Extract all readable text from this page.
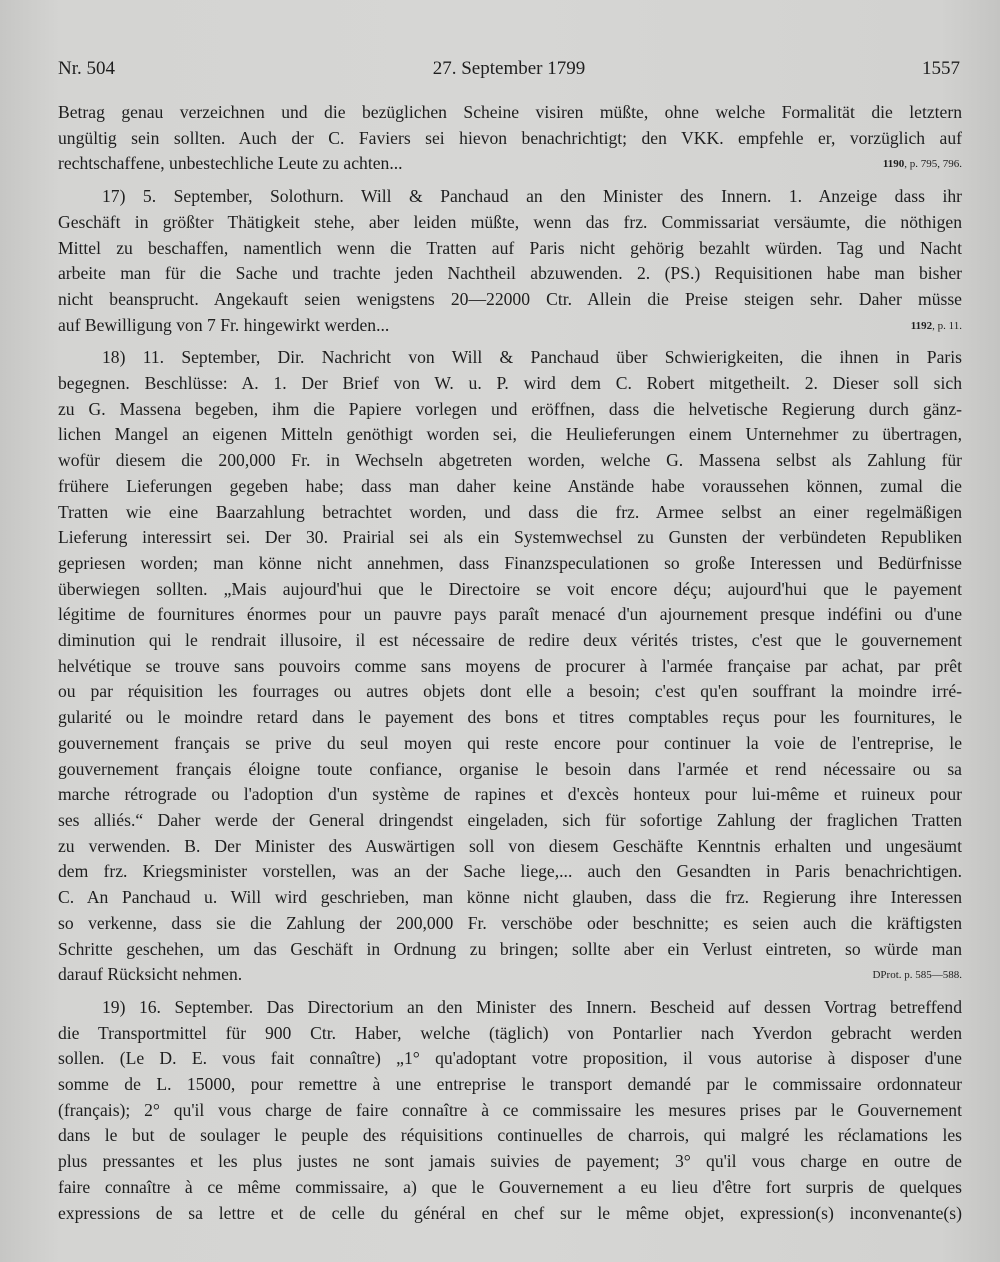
Nr. 504	27. September 1799	1557

Betrag genau verzeichnen und die bezüglichen Scheine visiren müßte, ohne welche Formalität die letztern

ungültig sein sollten. Auch der C. Faviers sei hievon benachrichtigt; den VKK. empfehle er, vorzüglich auf

1190, p. 795, 796.
rechtschaffene, unbestechliche Leute zu achten...

17) 5. September, Solothurn. Will & Panchaud an den Minister des Innern. 1. Anzeige dass ihr

Geschäft in größter Thätigkeit stehe, aber leiden müßte, wenn das frz. Commissariat versäumte, die nöthigen

Mittel zu beschaffen, namentlich wenn die Tratten auf Paris nicht gehörig bezahlt würden. Tag und Nacht

arbeite man für die Sache und trachte jeden Nachtheil abzuwenden. 2. (PS.) Requisitionen habe man bisher

nicht beansprucht. Angekauft seien wenigstens 20—22000 Ctr. Allein die Preise steigen sehr. Daher müsse

1192, p. 11.
auf Bewilligung von 7 Fr. hingewirkt werden...

18) 11. September, Dir. Nachricht von Will & Panchaud über Schwierigkeiten, die ihnen in Paris

begegnen. Beschlüsse: A. 1. Der Brief von W. u. P. wird dem C. Robert mitgetheilt. 2. Dieser soll sich

zu G. Massena begeben, ihm die Papiere vorlegen und eröffnen, dass die helvetische Regierung durch gänz-

lichen Mangel an eigenen Mitteln genöthigt worden sei, die Heulieferungen einem Unternehmer zu übertragen,

wofür diesem die 200,000 Fr. in Wechseln abgetreten worden, welche G. Massena selbst als Zahlung für

frühere Lieferungen gegeben habe; dass man daher keine Anstände habe voraussehen können, zumal die

Tratten wie eine Baarzahlung betrachtet worden, und dass die frz. Armee selbst an einer regelmäßigen

Lieferung interessirt sei. Der 30. Prairial sei als ein Systemwechsel zu Gunsten der verbündeten Republiken

gepriesen worden; man könne nicht annehmen, dass Finanzspeculationen so große Interessen und Bedürfnisse

überwiegen sollten. „Mais aujourd'hui que le Directoire se voit encore déçu; aujourd'hui que le payement

légitime de fournitures énormes pour un pauvre pays paraît menacé d'un ajournement presque indéfini ou d'une

diminution qui le rendrait illusoire, il est nécessaire de redire deux vérités tristes, c'est que le gouvernement

helvétique se trouve sans pouvoirs comme sans moyens de procurer à l'armée française par achat, par prêt

ou par réquisition les fourrages ou autres objets dont elle a besoin; c'est qu'en souffrant la moindre irré-

gularité ou le moindre retard dans le payement des bons et titres comptables reçus pour les fournitures, le

gouvernement français se prive du seul moyen qui reste encore pour continuer la voie de l'entreprise, le

gouvernement français éloigne toute confiance, organise le besoin dans l'armée et rend nécessaire ou sa

marche rétrograde ou l'adoption d'un système de rapines et d'excès honteux pour lui-même et ruineux pour

ses alliés.“ Daher werde der General dringendst eingeladen, sich für sofortige Zahlung der fraglichen Tratten

zu verwenden. B. Der Minister des Auswärtigen soll von diesem Geschäfte Kenntnis erhalten und ungesäumt

dem frz. Kriegsminister vorstellen, was an der Sache liege,... auch den Gesandten in Paris benachrichtigen.

C. An Panchaud u. Will wird geschrieben, man könne nicht glauben, dass die frz. Regierung ihre Interessen

so verkenne, dass sie die Zahlung der 200,000 Fr. verschöbe oder beschnitte; es seien auch die kräftigsten

Schritte geschehen, um das Geschäft in Ordnung zu bringen; sollte aber ein Verlust eintreten, so würde man

DProt. p. 585—588.
darauf Rücksicht nehmen.

19) 16. September. Das Directorium an den Minister des Innern. Bescheid auf dessen Vortrag betreffend

die Transportmittel für 900 Ctr. Haber, welche (täglich) von Pontarlier nach Yverdon gebracht werden

sollen. (Le D. E. vous fait connaître) „1° qu'adoptant votre proposition, il vous autorise à disposer d'une

somme de L. 15000, pour remettre à une entreprise le transport demandé par le commissaire ordonnateur

(français); 2° qu'il vous charge de faire connaître à ce commissaire les mesures prises par le Gouvernement

dans le but de soulager le peuple des réquisitions continuelles de charrois, qui malgré les réclamations les

plus pressantes et les plus justes ne sont jamais suivies de payement; 3° qu'il vous charge en outre de

faire connaître à ce même commissaire, a) que le Gouvernement a eu lieu d'être fort surpris de quelques

expressions de sa lettre et de celle du général en chef sur le même objet, expression(s) inconvenante(s)
